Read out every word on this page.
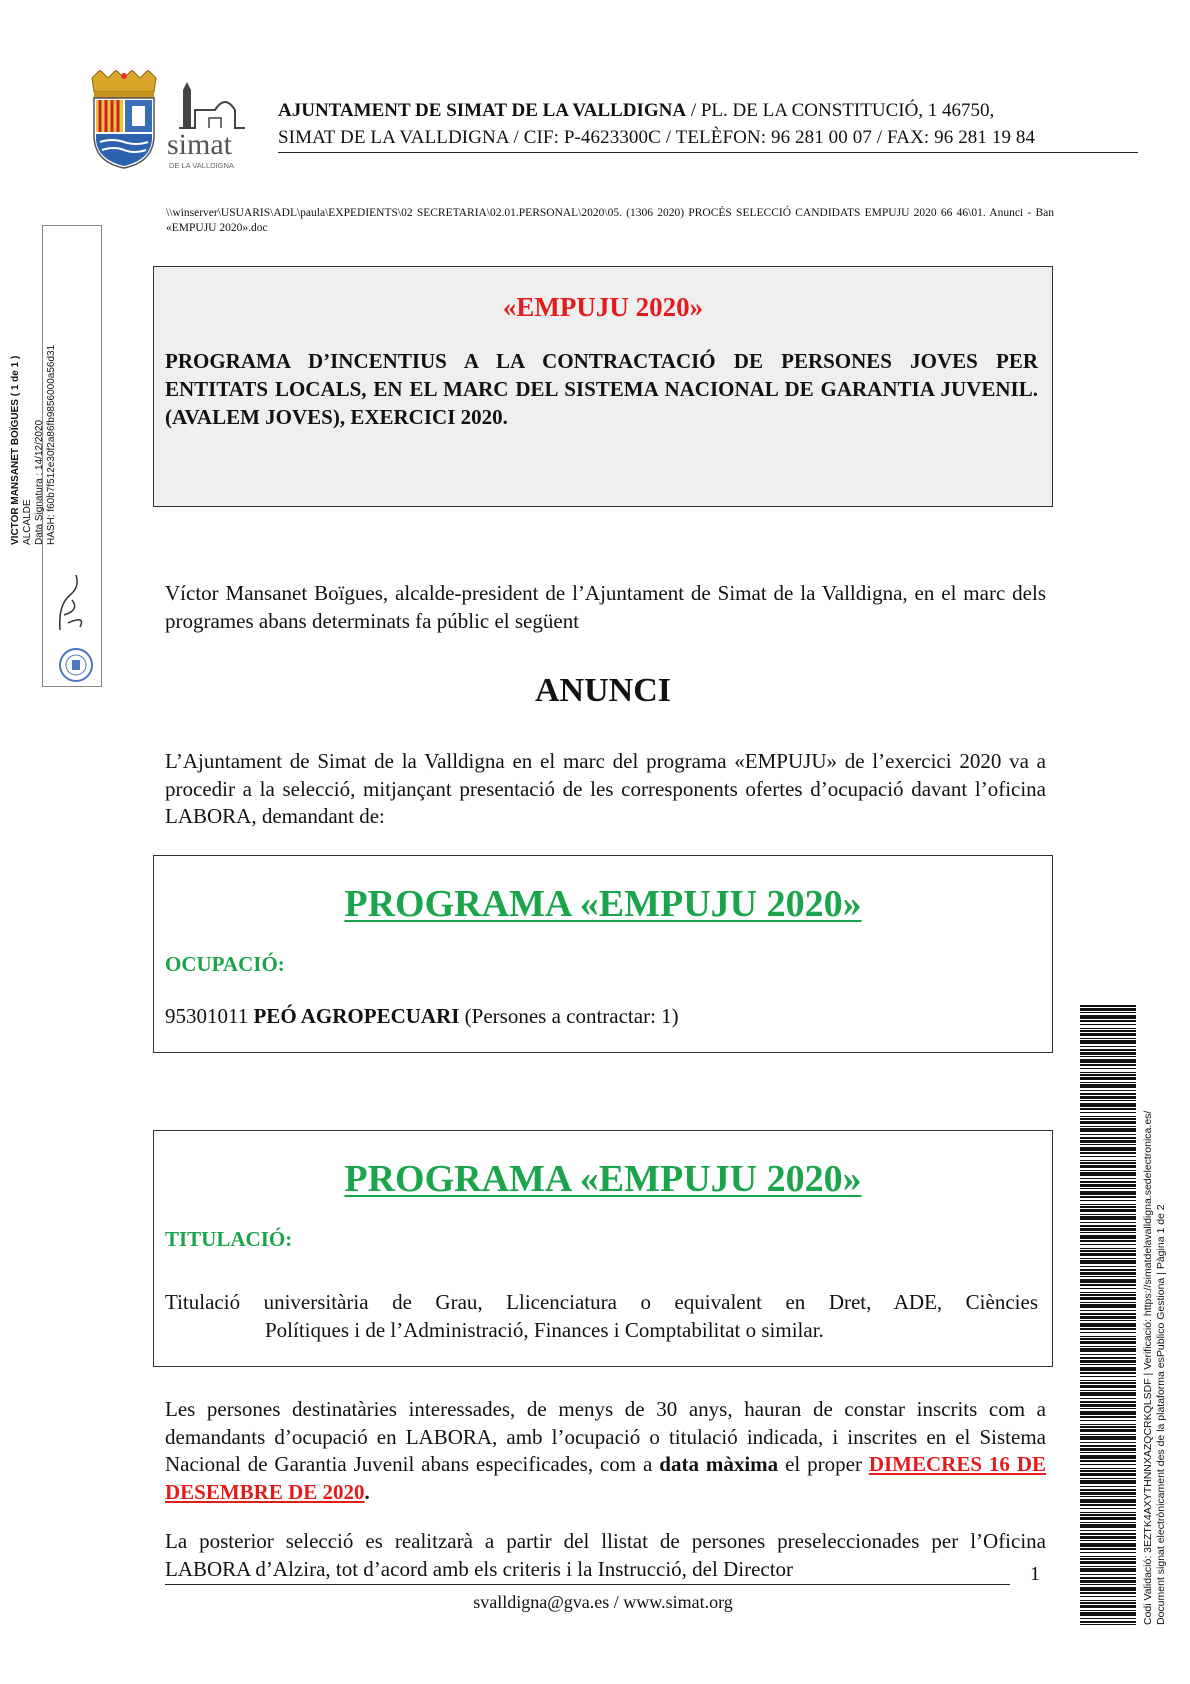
simat
DE LA VALLDIGNA
AJUNTAMENT DE SIMAT DE LA VALLDIGNA / PL. DE LA CONSTITUCIÓ, 1 46750,
SIMAT DE LA VALLDIGNA / CIF: P-4623300C / TELÈFON: 96 281 00 07 / FAX: 96 281 19 84
\\winserver\USUARIS\ADL\paula\EXPEDIENTS\02 SECRETARIA\02.01.PERSONAL\2020\05. (1306 2020) PROCÉS SELECCIÓ CANDIDATS EMPUJU 2020 66 46\01. Anunci - Ban «EMPUJU 2020».doc
VICTOR MANSANET BOÏGUES ( 1 de 1 ) ALCALDE Data Signatura : 14/12/2020 HASH: f60b7f512e30f2a86fb9856000a56d31
«EMPUJU 2020»
PROGRAMA D’INCENTIUS A LA CONTRACTACIÓ DE PERSONES JOVES PER ENTITATS LOCALS, EN EL MARC DEL SISTEMA NACIONAL DE GARANTIA JUVENIL. (AVALEM JOVES), EXERCICI 2020.
Víctor Mansanet Boïgues, alcalde-president de l’Ajuntament de Simat de la Valldigna, en el marc dels programes abans determinats fa públic el següent
ANUNCI
L’Ajuntament de Simat de la Valldigna en el marc del programa «EMPUJU» de l’exercici 2020 va a procedir a la selecció, mitjançant presentació de les corresponents ofertes d’ocupació davant l’oficina LABORA, demandant de:
PROGRAMA «EMPUJU 2020»
OCUPACIÓ:
95301011 PEÓ AGROPECUARI (Persones a contractar: 1)
PROGRAMA «EMPUJU 2020»
TITULACIÓ:
Titulació universitària de Grau, Llicenciatura o equivalent en Dret, ADE, Ciències
Polítiques i de l’Administració, Finances i Comptabilitat o similar.
Les persones destinatàries interessades, de menys de 30 anys, hauran de constar inscrits com a demandants d’ocupació en LABORA, amb l’ocupació o titulació indicada, i inscrites en el Sistema Nacional de Garantia Juvenil abans especificades, com a data màxima el proper DIMECRES 16 DE DESEMBRE DE 2020.
La posterior selecció es realitzarà a partir del llistat de persones preseleccionades per l’Oficina LABORA d’Alzira, tot d’acord amb els criteris i la Instrucció, del Director	1
svalldigna@gva.es / www.simat.org	Codi Validació: 3EZTK4AXYTHNNXAZQCRKQLSDF | Verificació: https://simatdelavalldigna.sedelectronica.es/ Document signat electrònicament des de la plataforma esPublico Gestiona | Pàgina 1 de 2
